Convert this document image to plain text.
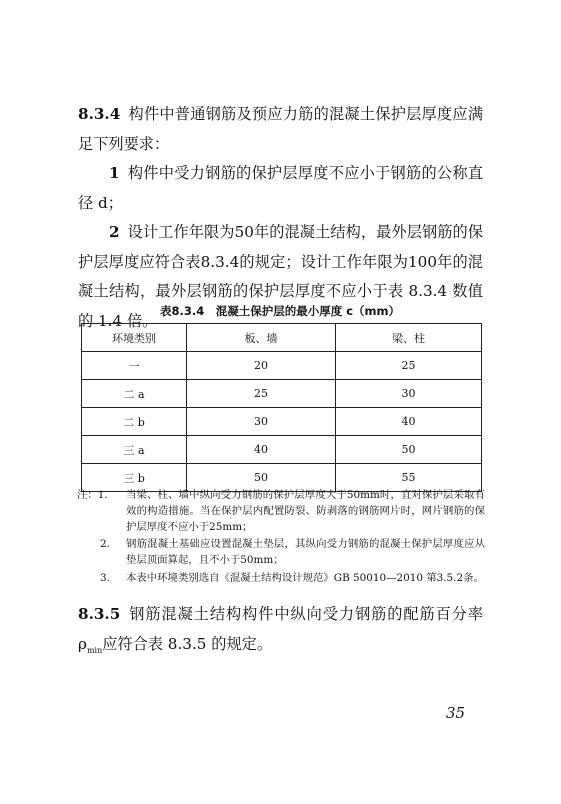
8.3.4 构件中普通钢筋及预应力筋的混凝土保护层厚度应满足下列要求：
1 构件中受力钢筋的保护层厚度不应小于钢筋的公称直径 d；
2 设计工作年限为50年的混凝土结构，最外层钢筋的保护层厚度应符合表8.3.4的规定；设计工作年限为100年的混凝土结构，最外层钢筋的保护层厚度不应小于表 8.3.4 数值的 1.4 倍。
表8.3.4　混凝土保护层的最小厚度 c（mm）
环境类别	板、墙	梁、柱
一	20	25
二 a	25	30
二 b	30	40
三 a	40	50
三 b	50	55
注：1.	当梁、柱、墙中纵向受力钢筋的保护层厚度大于50mm时，宜对保护层采取有效的构造措施。当在保护层内配置防裂、防剥落的钢筋网片时，网片钢筋的保护层厚度不应小于25mm；
2.	钢筋混凝土基础应设置混凝土垫层，其纵向受力钢筋的混凝土保护层厚度应从垫层顶面算起，且不小于50mm；
3.	本表中环境类别选自《混凝土结构设计规范》GB 50010—2010 第3.5.2条。
8.3.5 钢筋混凝土结构构件中纵向受力钢筋的配筋百分率 $\rho_{min}$应符合表 8.3.5 的规定。
35
